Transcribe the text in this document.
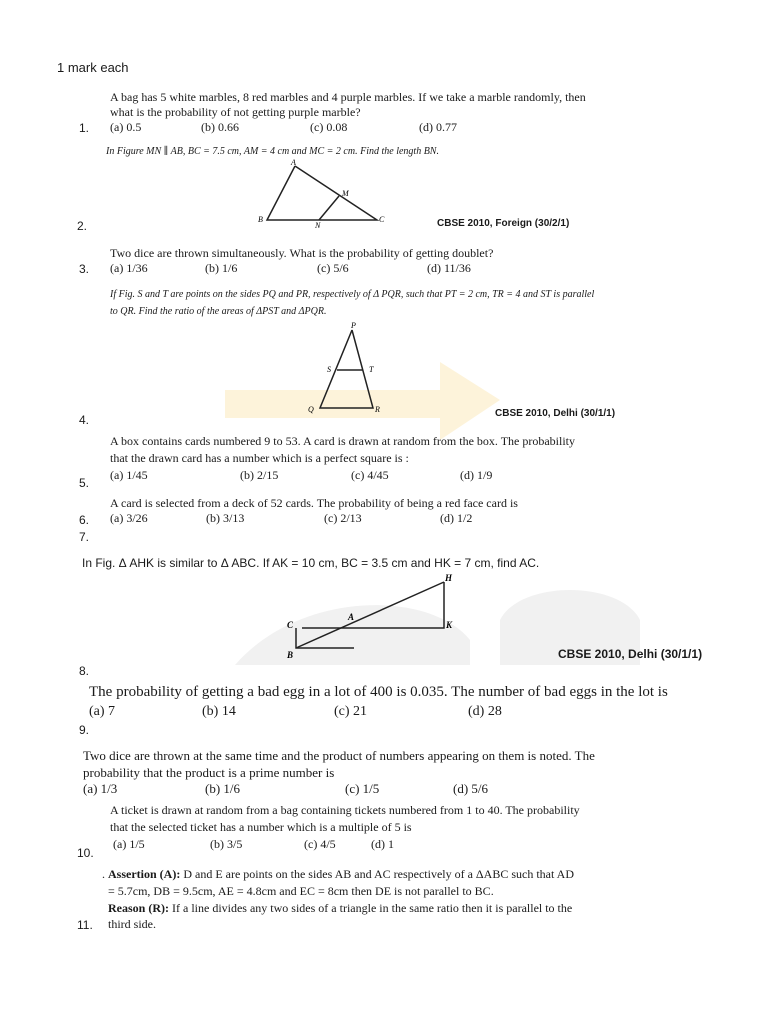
1 mark each
1.
A bag has 5 white marbles, 8 red marbles and 4 purple marbles. If we take a marble randomly, then
what is the probability of not getting purple marble?
(a) 0.5	(b) 0.66	(c) 0.08	(d) 0.77
In Figure MN ∥ AB, BC = 7.5 cm, AM = 4 cm and MC = 2 cm. Find the length BN.
A
M
B
N
C
2.	CBSE 2010, Foreign (30/2/1)
Two dice are thrown simultaneously. What is the probability of getting doublet?
3. (a) 1/36	(b) 1/6	(c) 5/6	(d) 11/36
If Fig. S and T are points on the sides PQ and PR, respectively of Δ PQR, such that PT = 2 cm, TR = 4 and ST is parallel
to QR. Find the ratio of the areas of ΔPST and ΔPQR.
P
S	T
Q	R
4.	CBSE 2010, Delhi (30/1/1)
A box contains cards numbered 9 to 53. A card is drawn at random from the box. The probability
that the drawn card has a number which is a perfect square is :
5.
(a) 1/45	(b) 2/15	(c) 4/45	(d) 1/9
A card is selected from a deck of 52 cards. The probability of being a red face card is
6. (a) 3/26	(b) 3/13	(c) 2/13	(d) 1/2
7.
In Fig. Δ AHK is similar to Δ ABC. If AK = 10 cm, BC = 3.5 cm and HK = 7 cm, find AC.
H
C
A
K
B	CBSE 2010, Delhi (30/1/1)
8.
The probability of getting a bad egg in a lot of 400 is 0.035. The number of bad eggs in the lot is
(a) 7	(b) 14	(c) 21	(d) 28
9.
Two dice are thrown at the same time and the product of numbers appearing on them is noted. The
probability that the product is a prime number is
(a) 1/3	(b) 1/6	(c) 1/5	(d) 5/6
A ticket is drawn at random from a bag containing tickets numbered from 1 to 40. The probability
that the selected ticket has a number which is a multiple of 5 is
10.
(a) 1/5	(b) 3/5	(c) 4/5	(d) 1
. Assertion (A): D and E are points on the sides AB and AC respectively of a ΔABC such that AD
= 5.7cm, DB = 9.5cm, AE = 4.8cm and EC = 8cm then DE is not parallel to BC.
Reason (R): If a line divides any two sides of a triangle in the same ratio then it is parallel to the
11. third side.
